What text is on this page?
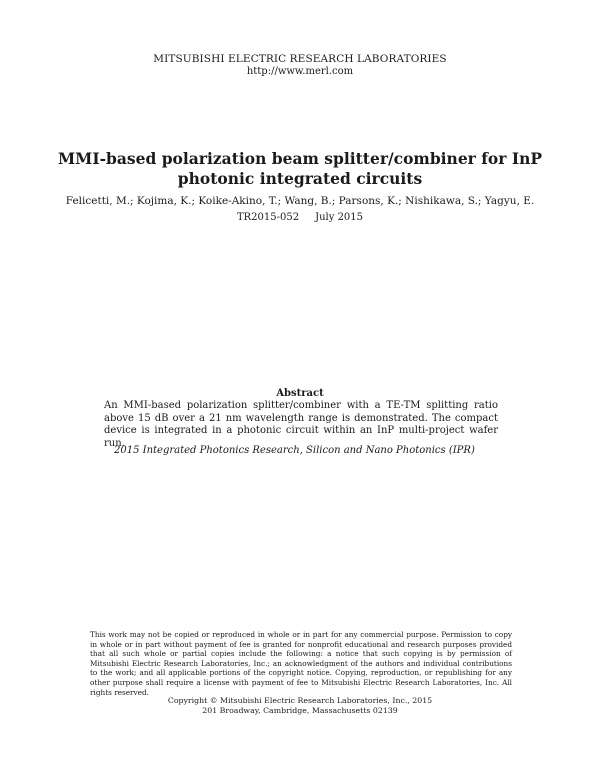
MITSUBISHI ELECTRIC RESEARCH LABORATORIES
http://www.merl.com
MMI-based polarization beam splitter/combiner for InP
photonic integrated circuits
Felicetti, M.; Kojima, K.; Koike-Akino, T.; Wang, B.; Parsons, K.; Nishikawa, S.; Yagyu, E.
TR2015-052 July 2015
Abstract
An MMI-based polarization splitter/combiner with a TE-TM splitting ratio above 15 dB over a 21 nm wavelength range is demonstrated. The compact device is integrated in a photonic circuit within an InP multi-project wafer run.
2015 Integrated Photonics Research, Silicon and Nano Photonics (IPR)
This work may not be copied or reproduced in whole or in part for any commercial purpose. Permission to copy in whole or in part without payment of fee is granted for nonprofit educational and research purposes provided that all such whole or partial copies include the following: a notice that such copying is by permission of Mitsubishi Electric Research Laboratories, Inc.; an acknowledgment of the authors and individual contributions to the work; and all applicable portions of the copyright notice. Copying, reproduction, or republishing for any other purpose shall require a license with payment of fee to Mitsubishi Electric Research Laboratories, Inc. All rights reserved.
Copyright © Mitsubishi Electric Research Laboratories, Inc., 2015
201 Broadway, Cambridge, Massachusetts 02139
